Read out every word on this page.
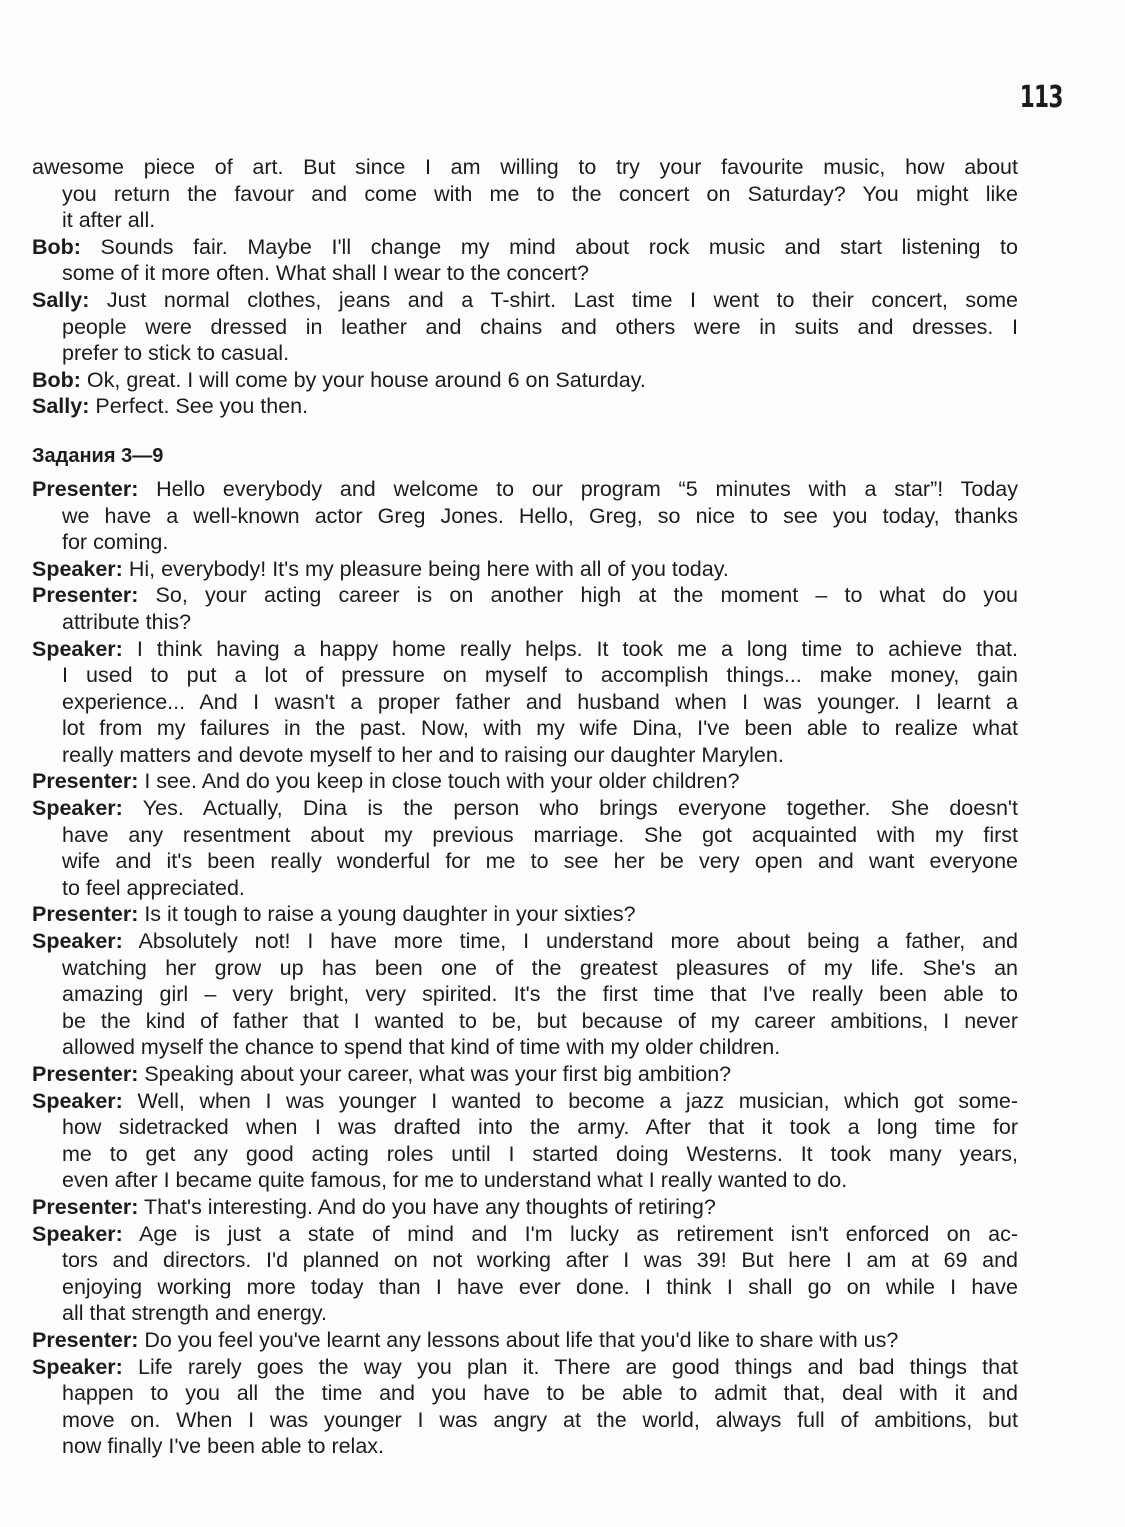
113
awesome piece of art. But since I am willing to try your favourite music, how about
you return the favour and come with me to the concert on Saturday? You might like
it after all.
Bob: Sounds fair. Maybe I'll change my mind about rock music and start listening to
some of it more often. What shall I wear to the concert?
Sally: Just normal clothes, jeans and a T-shirt. Last time I went to their concert, some
people were dressed in leather and chains and others were in suits and dresses. I
prefer to stick to casual.
Bob: Ok, great. I will come by your house around 6 on Saturday.
Sally: Perfect. See you then.
Задания 3—9
Presenter: Hello everybody and welcome to our program “5 minutes with a star”! Today
we have a well-known actor Greg Jones. Hello, Greg, so nice to see you today, thanks
for coming.
Speaker: Hi, everybody! It's my pleasure being here with all of you today.
Presenter: So, your acting career is on another high at the moment – to what do you
attribute this?
Speaker: I think having a happy home really helps. It took me a long time to achieve that.
I used to put a lot of pressure on myself to accomplish things... make money, gain
experience... And I wasn't a proper father and husband when I was younger. I learnt a
lot from my failures in the past. Now, with my wife Dina, I've been able to realize what
really matters and devote myself to her and to raising our daughter Marylen.
Presenter: I see. And do you keep in close touch with your older children?
Speaker: Yes. Actually, Dina is the person who brings everyone together. She doesn't
have any resentment about my previous marriage. She got acquainted with my first
wife and it's been really wonderful for me to see her be very open and want everyone
to feel appreciated.
Presenter: Is it tough to raise a young daughter in your sixties?
Speaker: Absolutely not! I have more time, I understand more about being a father, and
watching her grow up has been one of the greatest pleasures of my life. She's an
amazing girl – very bright, very spirited. It's the first time that I've really been able to
be the kind of father that I wanted to be, but because of my career ambitions, I never
allowed myself the chance to spend that kind of time with my older children.
Presenter: Speaking about your career, what was your first big ambition?
Speaker: Well, when I was younger I wanted to become a jazz musician, which got some-
how sidetracked when I was drafted into the army. After that it took a long time for
me to get any good acting roles until I started doing Westerns. It took many years,
even after I became quite famous, for me to understand what I really wanted to do.
Presenter: That's interesting. And do you have any thoughts of retiring?
Speaker: Age is just a state of mind and I'm lucky as retirement isn't enforced on ac-
tors and directors. I'd planned on not working after I was 39! But here I am at 69 and
enjoying working more today than I have ever done. I think I shall go on while I have
all that strength and energy.
Presenter: Do you feel you've learnt any lessons about life that you'd like to share with us?
Speaker: Life rarely goes the way you plan it. There are good things and bad things that
happen to you all the time and you have to be able to admit that, deal with it and
move on. When I was younger I was angry at the world, always full of ambitions, but
now finally I've been able to relax.
